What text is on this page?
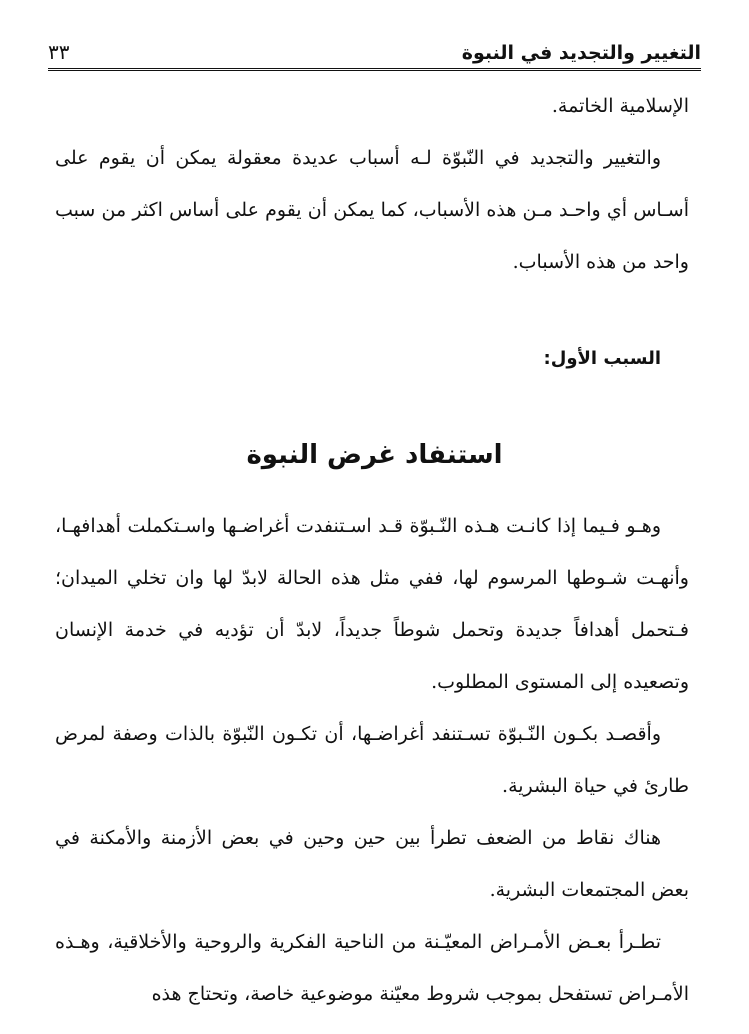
التغيير والتجديد في النبوة
٣٣

الإسلامية الخاتمة.

والتغيير والتجديد في النّبوّة لـه أسباب عديدة معقولة يمكن أن يقوم على أسـاس أي واحـد مـن هذه الأسباب، كما يمكن أن يقوم على أساس اكثر من سبب واحد من هذه الأسباب.

السبب الأول:
استنفاد غرض النبوة

وهـو فـيما إذا كانـت هـذه النّـبوّة قـد اسـتنفدت أغراضـها واسـتكملت أهدافهـا، وأنهـت شـوطها المرسوم لها، ففي مثل هذه الحالة لابدّ لها وان تخلي الميدان؛ فـتحمل أهدافاً جديدة وتحمل شوطاً جديداً، لابدّ أن تؤديه في خدمة الإنسان وتصعيده إلى المستوى المطلوب.

وأقصـد بكـون النّـبوّة تسـتنفد أغراضـها، أن تكـون النّبوّة بالذات وصفة لمرض طارئ في حياة البشرية.

هناك نقاط من الضعف تطرأ بين حين وحين في بعض الأزمنة والأمكنة في بعض المجتمعات البشرية.

تطـرأ بعـض الأمـراض المعيّـنة من الناحية الفكرية والروحية والأخلاقية، وهـذه الأمـراض تستفحل بموجب شروط معيّنة موضوعية خاصة، وتحتاج هذه
